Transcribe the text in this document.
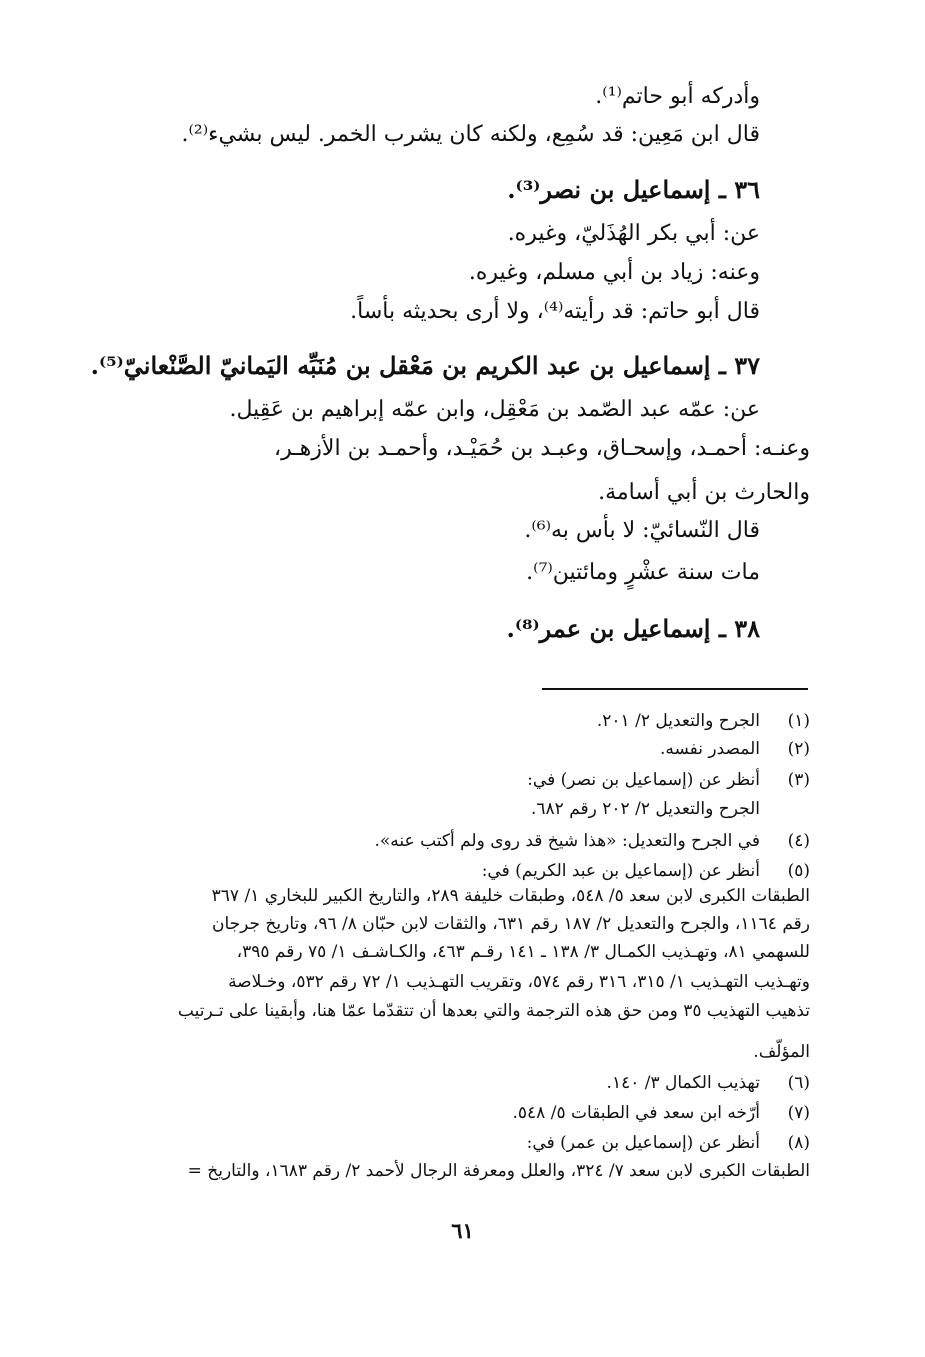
وأدركه أبو حاتم⁽¹⁾.
قال ابن مَعِين: قد سُمِع، ولكنه كان يشرب الخمر. ليس بشيء⁽²⁾.
٣٦ ـ إسماعيل بن نصر⁽³⁾.
عن: أبي بكر الهُذَليّ، وغيره.
وعنه: زياد بن أبي مسلم، وغيره.
قال أبو حاتم: قد رأيته⁽⁴⁾، ولا أرى بحديثه بأساً.
٣٧ ـ إسماعيل بن عبد الكريم بن مَعْقل بن مُنَبِّه اليَمانيّ الصَّنْعانيّ⁽⁵⁾.
عن: عمّه عبد الصّمد بن مَعْقِل، وابن عمّه إبراهيم بن عَقِيل.
وعنـه: أحمـد، وإسحـاق، وعبـد بن حُمَيْـد، وأحمـد بن الأزهـر،
والحارث بن أبي أسامة.
قال النّسائيّ: لا بأس به⁽⁶⁾.
مات سنة عشْرٍ ومائتين⁽⁷⁾.
٣٨ ـ إسماعيل بن عمر⁽⁸⁾.
(١)
(٢)
(٣)
(٤)
(٥)
(٦)
(٧)
(٨)
الجرح والتعديل ٢/ ٢٠١.
المصدر نفسه.
أنظر عن (إسماعيل بن نصر) في:
الجرح والتعديل ٢/ ٢٠٢ رقم ٦٨٢.
في الجرح والتعديل: «هذا شيخ قد روى ولم أكتب عنه».
أنظر عن (إسماعيل بن عبد الكريم) في:
الطبقات الكبرى لابن سعد ٥/ ٥٤٨، وطبقات خليفة ٢٨٩، والتاريخ الكبير للبخاري ١/ ٣٦٧
رقم ١١٦٤، والجرح والتعديل ٢/ ١٨٧ رقم ٦٣١، والثقات لابن حبّان ٨/ ٩٦، وتاريخ جرجان
للسهمي ٨١، وتهـذيب الكمـال ٣/ ١٣٨ ـ ١٤١ رقـم ٤٦٣، والكـاشـف ١/ ٧٥ رقم ٣٩٥،
وتهـذيب التهـذيب ١/ ٣١٥، ٣١٦ رقم ٥٧٤، وتقريب التهـذيب ١/ ٧٢ رقم ٥٣٢، وخـلاصة
تذهيب التهذيب ٣٥ ومن حق هذه الترجمة والتي بعدها أن تتقدّما عمّا هنا، وأبقينا على تـرتيب
المؤلّف.
تهذيب الكمال ٣/ ١٤٠.
أرّخه ابن سعد في الطبقات ٥/ ٥٤٨.
أنظر عن (إسماعيل بن عمر) في:
الطبقات الكبرى لابن سعد ٧/ ٣٢٤، والعلل ومعرفة الرجال لأحمد ٢/ رقم ١٦٨٣، والتاريخ =
٦١
